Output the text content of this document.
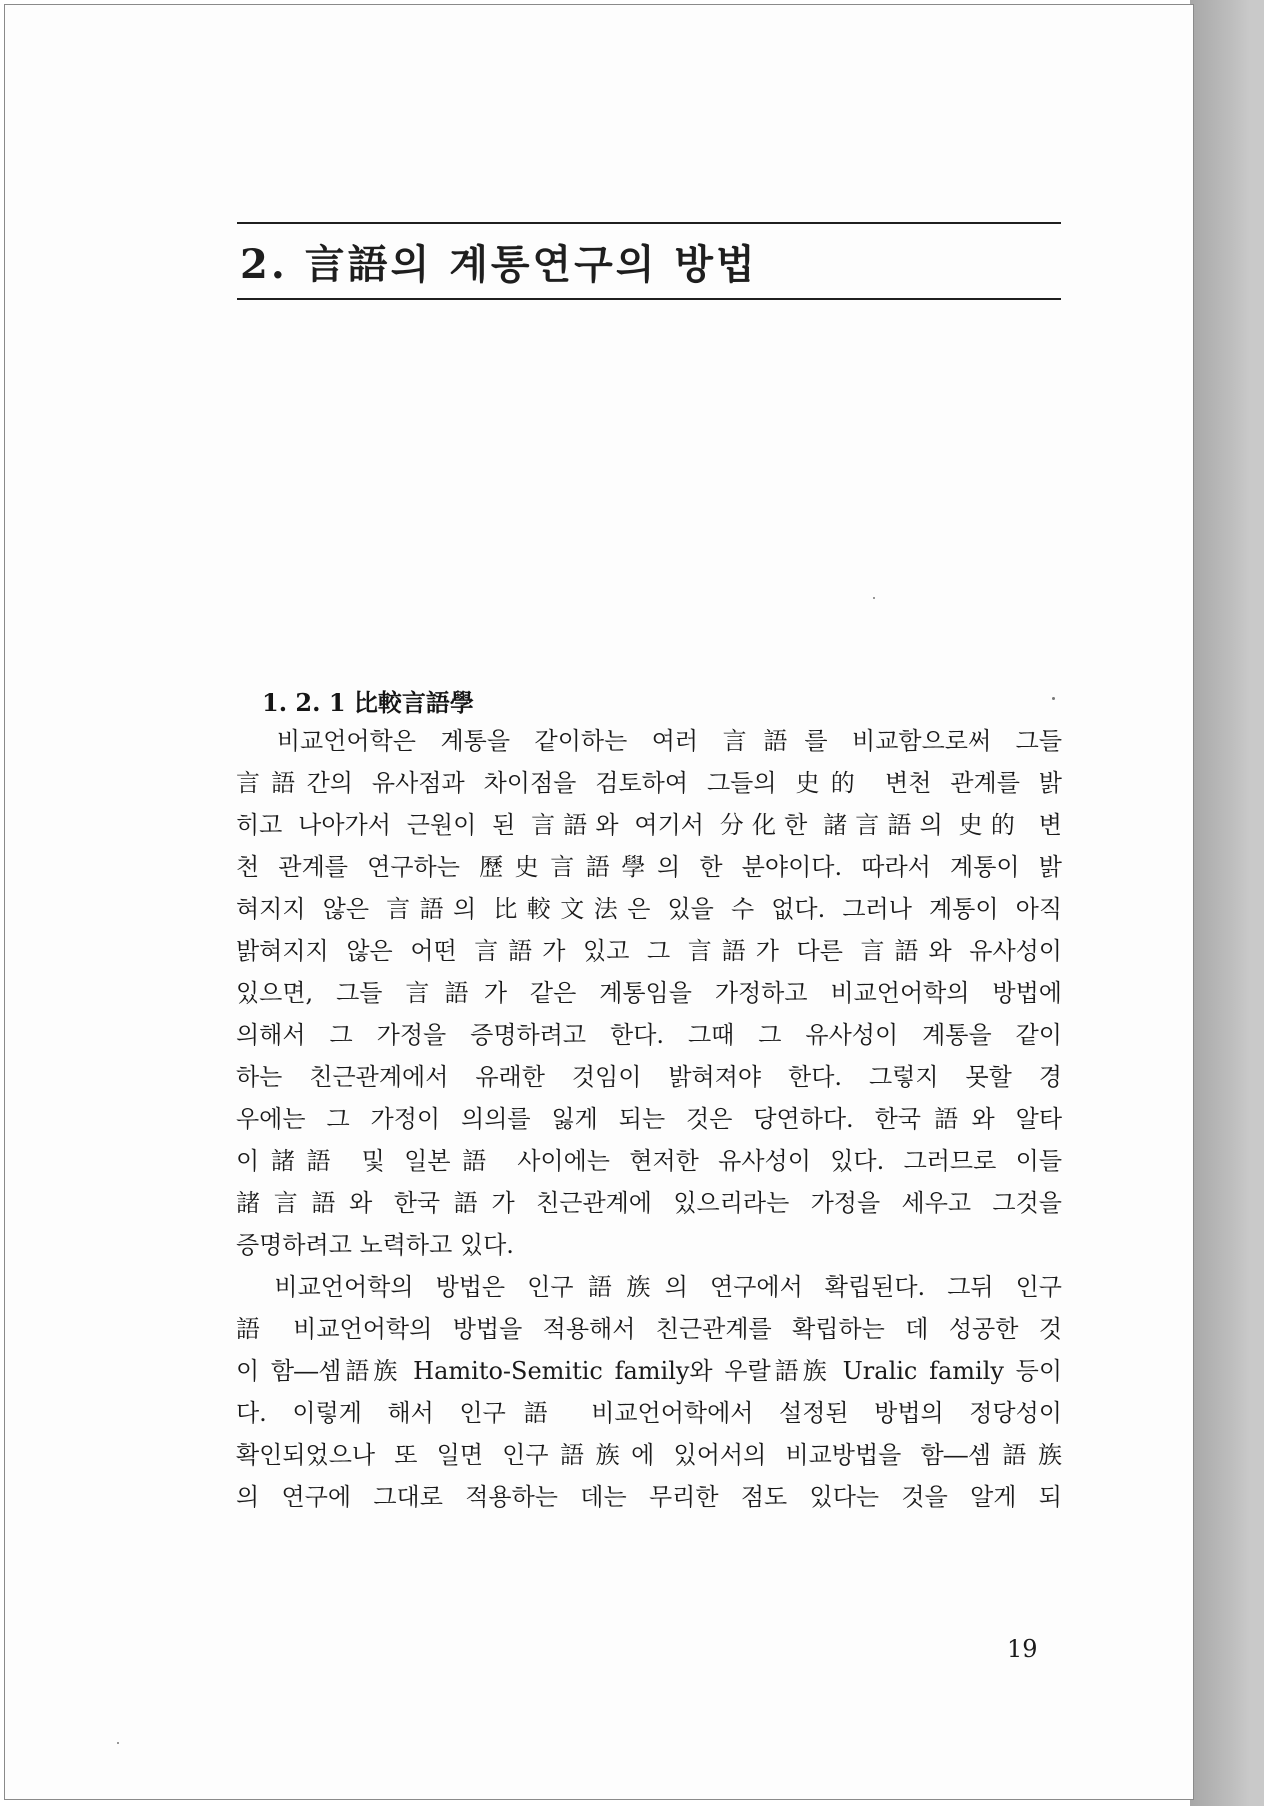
2. 言語의 계통연구의 방법
1. 2. 1 比較言語學
　비교언어학은 계통을 같이하는 여러 言語를 비교함으로써 그들
言語간의 유사점과 차이점을 검토하여 그들의 史的 변천 관계를 밝
히고 나아가서 근원이 된 言語와 여기서 分化한 諸言語의 史的 변
천 관계를 연구하는 歷史言語學의 한 분야이다. 따라서 계통이 밝
혀지지 않은 言語의 比較文法은 있을 수 없다. 그러나 계통이 아직
밝혀지지 않은 어떤 言語가 있고 그 言語가 다른 言語와 유사성이
있으면, 그들 言語가 같은 계통임을 가정하고 비교언어학의 방법에
의해서 그 가정을 증명하려고 한다. 그때 그 유사성이 계통을 같이
하는 친근관계에서 유래한 것임이 밝혀져야 한다. 그렇지 못할 경
우에는 그 가정이 의의를 잃게 되는 것은 당연하다. 한국語와 알타
이諸語 및 일본語 사이에는 현저한 유사성이 있다. 그러므로 이들
諸言語와 한국語가 친근관계에 있으리라는 가정을 세우고 그것을
증명하려고 노력하고 있다.
　비교언어학의 방법은 인구語族의 연구에서 확립된다. 그뒤 인구
語 비교언어학의 방법을 적용해서 친근관계를 확립하는 데 성공한 것
이 함―셈語族 Hamito-Semitic family와 우랄語族 Uralic family 등이
다. 이렇게 해서 인구語 비교언어학에서 설정된 방법의 정당성이
확인되었으나 또 일면 인구語族에 있어서의 비교방법을 함―셈語族
의 연구에 그대로 적용하는 데는 무리한 점도 있다는 것을 알게 되
19
